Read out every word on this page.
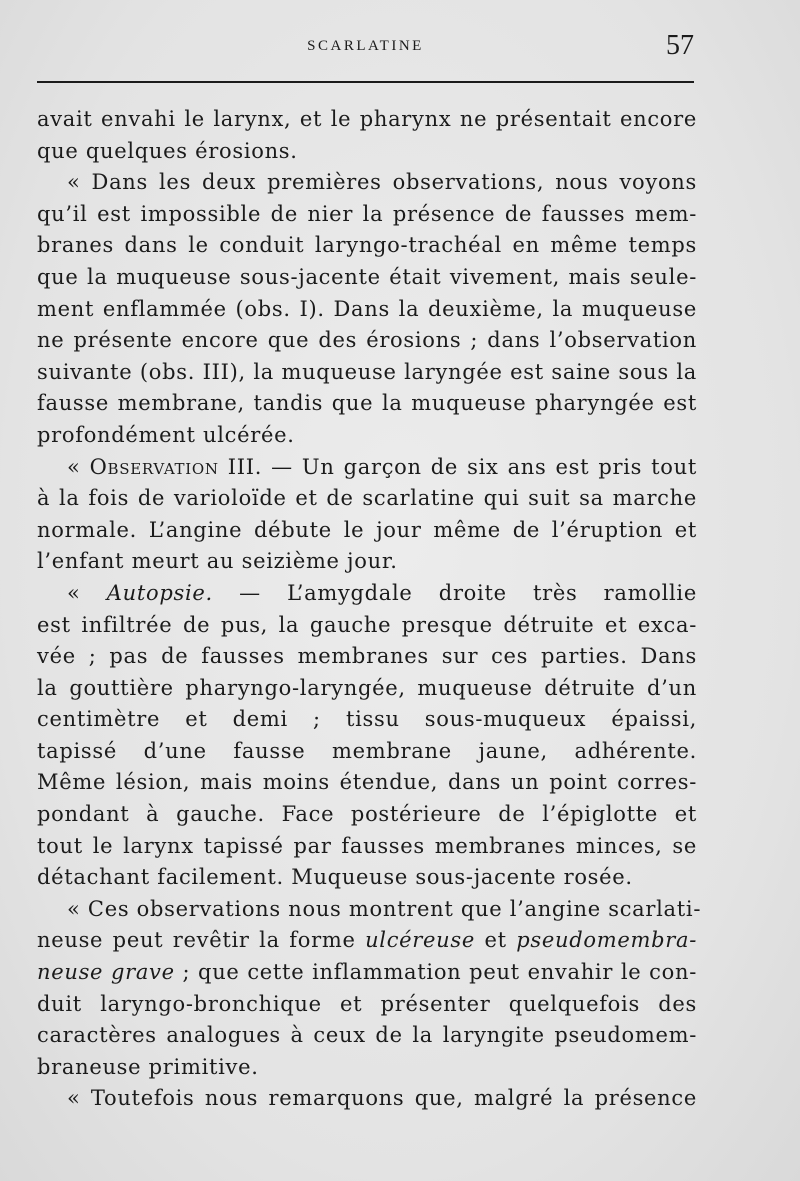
SCARLATINE	57
avait envahi le larynx, et le pharynx ne présentait encore
que quelques érosions.
« Dans les deux premières observations, nous voyons
qu’il est impossible de nier la présence de fausses mem-
branes dans le conduit laryngo-trachéal en même temps
que la muqueuse sous-jacente était vivement, mais seule-
ment enflammée (obs. I). Dans la deuxième, la muqueuse
ne présente encore que des érosions ; dans l’observation
suivante (obs. III), la muqueuse laryngée est saine sous la
fausse membrane, tandis que la muqueuse pharyngée est
profondément ulcérée.
« Observation III. — Un garçon de six ans est pris tout
à la fois de varioloïde et de scarlatine qui suit sa marche
normale. L’angine débute le jour même de l’éruption et
l’enfant meurt au seizième jour.
« Autopsie. — L’amygdale droite très ramollie
est infiltrée de pus, la gauche presque détruite et exca-
vée ; pas de fausses membranes sur ces parties. Dans
la gouttière pharyngo-laryngée, muqueuse détruite d’un
centimètre et demi ; tissu sous-muqueux épaissi,
tapissé d’une fausse membrane jaune, adhérente.
Même lésion, mais moins étendue, dans un point corres-
pondant à gauche. Face postérieure de l’épiglotte et
tout le larynx tapissé par fausses membranes minces, se
détachant facilement. Muqueuse sous-jacente rosée.
« Ces observations nous montrent que l’angine scarlati-
neuse peut revêtir la forme ulcéreuse et pseudomembra-
neuse grave ; que cette inflammation peut envahir le con-
duit laryngo-bronchique et présenter quelquefois des
caractères analogues à ceux de la laryngite pseudomem-
braneuse primitive.
« Toutefois nous remarquons que, malgré la présence
